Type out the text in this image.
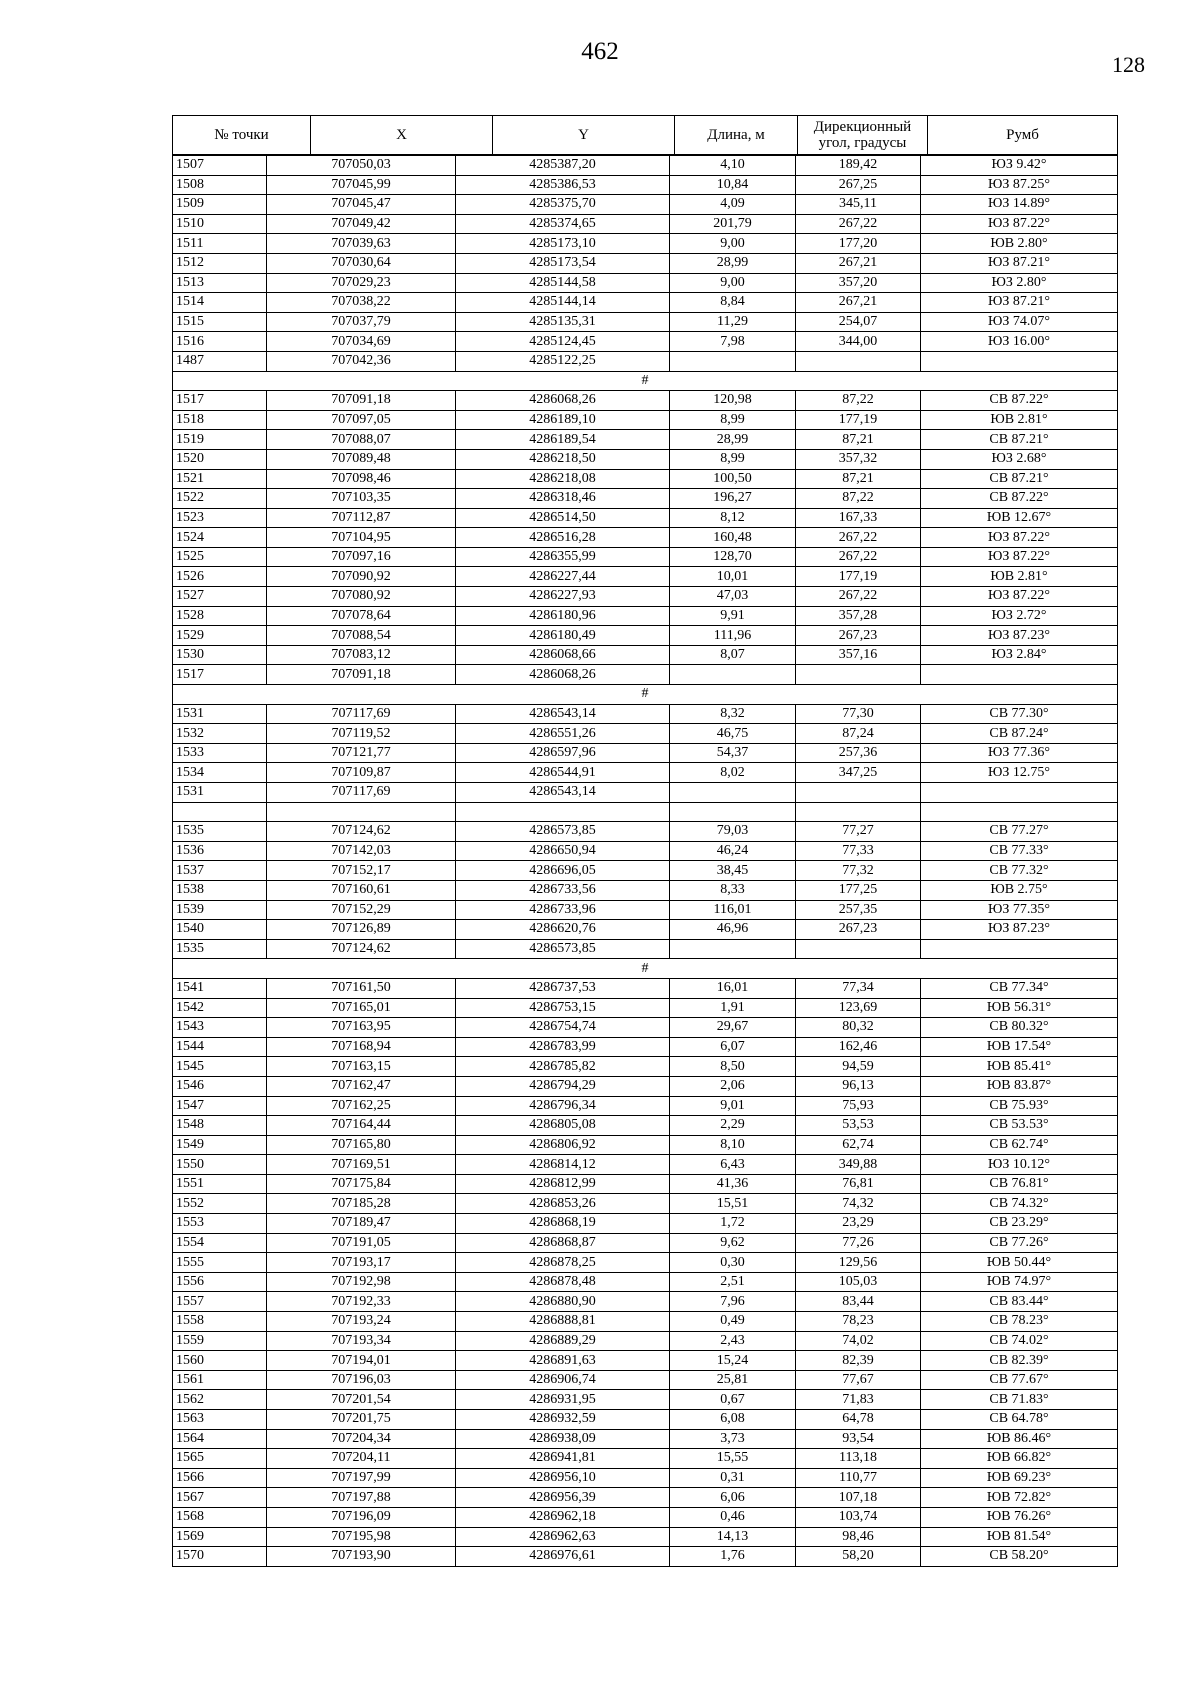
462	128
№ точки	X	Y	Длина, м	Дирекционный угол, градусы	Румб
1507	707050,03	4285387,20	4,10	189,42	ЮЗ 9.42°
1508	707045,99	4285386,53	10,84	267,25	ЮЗ 87.25°
1509	707045,47	4285375,70	4,09	345,11	ЮЗ 14.89°
1510	707049,42	4285374,65	201,79	267,22	ЮЗ 87.22°
1511	707039,63	4285173,10	9,00	177,20	ЮВ 2.80°
1512	707030,64	4285173,54	28,99	267,21	ЮЗ 87.21°
1513	707029,23	4285144,58	9,00	357,20	ЮЗ 2.80°
1514	707038,22	4285144,14	8,84	267,21	ЮЗ 87.21°
1515	707037,79	4285135,31	11,29	254,07	ЮЗ 74.07°
1516	707034,69	4285124,45	7,98	344,00	ЮЗ 16.00°
1487	707042,36	4285122,25			
#					
1517	707091,18	4286068,26	120,98	87,22	СВ 87.22°
1518	707097,05	4286189,10	8,99	177,19	ЮВ 2.81°
1519	707088,07	4286189,54	28,99	87,21	СВ 87.21°
1520	707089,48	4286218,50	8,99	357,32	ЮЗ 2.68°
1521	707098,46	4286218,08	100,50	87,21	СВ 87.21°
1522	707103,35	4286318,46	196,27	87,22	СВ 87.22°
1523	707112,87	4286514,50	8,12	167,33	ЮВ 12.67°
1524	707104,95	4286516,28	160,48	267,22	ЮЗ 87.22°
1525	707097,16	4286355,99	128,70	267,22	ЮЗ 87.22°
1526	707090,92	4286227,44	10,01	177,19	ЮВ 2.81°
1527	707080,92	4286227,93	47,03	267,22	ЮЗ 87.22°
1528	707078,64	4286180,96	9,91	357,28	ЮЗ 2.72°
1529	707088,54	4286180,49	111,96	267,23	ЮЗ 87.23°
1530	707083,12	4286068,66	8,07	357,16	ЮЗ 2.84°
1517	707091,18	4286068,26			
#					
1531	707117,69	4286543,14	8,32	77,30	СВ 77.30°
1532	707119,52	4286551,26	46,75	87,24	СВ 87.24°
1533	707121,77	4286597,96	54,37	257,36	ЮЗ 77.36°
1534	707109,87	4286544,91	8,02	347,25	ЮЗ 12.75°
1531	707117,69	4286543,14			

1535	707124,62	4286573,85	79,03	77,27	СВ 77.27°
1536	707142,03	4286650,94	46,24	77,33	СВ 77.33°
1537	707152,17	4286696,05	38,45	77,32	СВ 77.32°
1538	707160,61	4286733,56	8,33	177,25	ЮВ 2.75°
1539	707152,29	4286733,96	116,01	257,35	ЮЗ 77.35°
1540	707126,89	4286620,76	46,96	267,23	ЮЗ 87.23°
1535	707124,62	4286573,85			
#					
1541	707161,50	4286737,53	16,01	77,34	СВ 77.34°
1542	707165,01	4286753,15	1,91	123,69	ЮВ 56.31°
1543	707163,95	4286754,74	29,67	80,32	СВ 80.32°
1544	707168,94	4286783,99	6,07	162,46	ЮВ 17.54°
1545	707163,15	4286785,82	8,50	94,59	ЮВ 85.41°
1546	707162,47	4286794,29	2,06	96,13	ЮВ 83.87°
1547	707162,25	4286796,34	9,01	75,93	СВ 75.93°
1548	707164,44	4286805,08	2,29	53,53	СВ 53.53°
1549	707165,80	4286806,92	8,10	62,74	СВ 62.74°
1550	707169,51	4286814,12	6,43	349,88	ЮЗ 10.12°
1551	707175,84	4286812,99	41,36	76,81	СВ 76.81°
1552	707185,28	4286853,26	15,51	74,32	СВ 74.32°
1553	707189,47	4286868,19	1,72	23,29	СВ 23.29°
1554	707191,05	4286868,87	9,62	77,26	СВ 77.26°
1555	707193,17	4286878,25	0,30	129,56	ЮВ 50.44°
1556	707192,98	4286878,48	2,51	105,03	ЮВ 74.97°
1557	707192,33	4286880,90	7,96	83,44	СВ 83.44°
1558	707193,24	4286888,81	0,49	78,23	СВ 78.23°
1559	707193,34	4286889,29	2,43	74,02	СВ 74.02°
1560	707194,01	4286891,63	15,24	82,39	СВ 82.39°
1561	707196,03	4286906,74	25,81	77,67	СВ 77.67°
1562	707201,54	4286931,95	0,67	71,83	СВ 71.83°
1563	707201,75	4286932,59	6,08	64,78	СВ 64.78°
1564	707204,34	4286938,09	3,73	93,54	ЮВ 86.46°
1565	707204,11	4286941,81	15,55	113,18	ЮВ 66.82°
1566	707197,99	4286956,10	0,31	110,77	ЮВ 69.23°
1567	707197,88	4286956,39	6,06	107,18	ЮВ 72.82°
1568	707196,09	4286962,18	0,46	103,74	ЮВ 76.26°
1569	707195,98	4286962,63	14,13	98,46	ЮВ 81.54°
1570	707193,90	4286976,61	1,76	58,20	СВ 58.20°
